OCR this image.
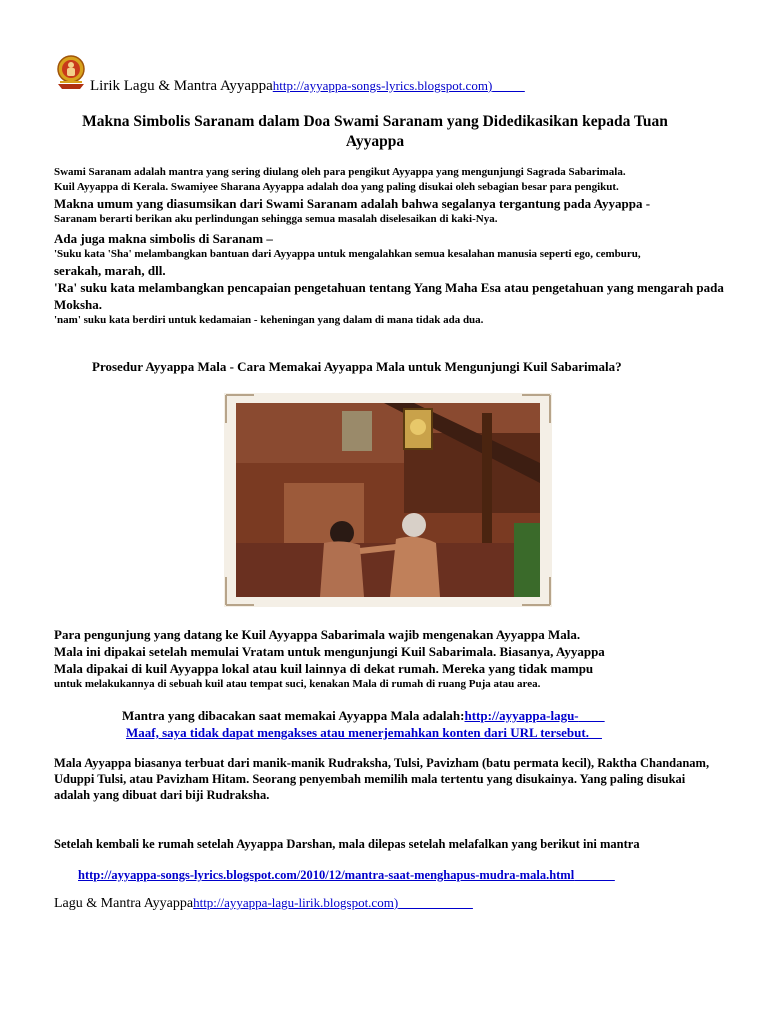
Lirik Lagu & Mantra Ayyappahttp://ayyappa-songs-lyrics.blogspot.com)
Makna Simbolis Saranam dalam Doa Swami Saranam yang Didedikasikan kepada Tuan Ayyappa
Swami Saranam adalah mantra yang sering diulang oleh para pengikut Ayyappa yang mengunjungi Sagrada Sabarimala.
Kuil Ayyappa di Kerala. Swamiyee Sharana Ayyappa adalah doa yang paling disukai oleh sebagian besar para pengikut.
Makna umum yang diasumsikan dari Swami Saranam adalah bahwa segalanya tergantung pada Ayyappa -
Saranam berarti berikan aku perlindungan sehingga semua masalah diselesaikan di kaki-Nya.
Ada juga makna simbolis di Saranam –
'Suku kata 'Sha' melambangkan bantuan dari Ayyappa untuk mengalahkan semua kesalahan manusia seperti ego, cemburu,
serakah, marah, dll.
'Ra' suku kata melambangkan pencapaian pengetahuan tentang Yang Maha Esa atau pengetahuan yang mengarah pada Moksha.
'nam' suku kata berdiri untuk kedamaian - keheningan yang dalam di mana tidak ada dua.
Prosedur Ayyappa Mala - Cara Memakai Ayyappa Mala untuk Mengunjungi Kuil Sabarimala?
Para pengunjung yang datang ke Kuil Ayyappa Sabarimala wajib mengenakan Ayyappa Mala.
Mala ini dipakai setelah memulai Vratam untuk mengunjungi Kuil Sabarimala. Biasanya, Ayyappa
Mala dipakai di kuil Ayyappa lokal atau kuil lainnya di dekat rumah. Mereka yang tidak mampu
untuk melakukannya di sebuah kuil atau tempat suci, kenakan Mala di rumah di ruang Puja atau area.
Mantra yang dibacakan saat memakai Ayyappa Mala adalah:http://ayyappa-lagu-
Maaf, saya tidak dapat mengakses atau menerjemahkan konten dari URL tersebut.
Mala Ayyappa biasanya terbuat dari manik-manik Rudraksha, Tulsi, Pavizham (batu permata kecil), Raktha Chandanam, Uduppi Tulsi, atau Pavizham Hitam. Seorang penyembah memilih mala tertentu yang disukainya. Yang paling disukai adalah yang dibuat dari biji Rudraksha.
Setelah kembali ke rumah setelah Ayyappa Darshan, mala dilepas setelah melafalkan yang berikut ini mantra
http://ayyappa-songs-lyrics.blogspot.com/2010/12/mantra-saat-menghapus-mudra-mala.html
Lagu & Mantra Ayyappahttp://ayyappa-lagu-lirik.blogspot.com)
